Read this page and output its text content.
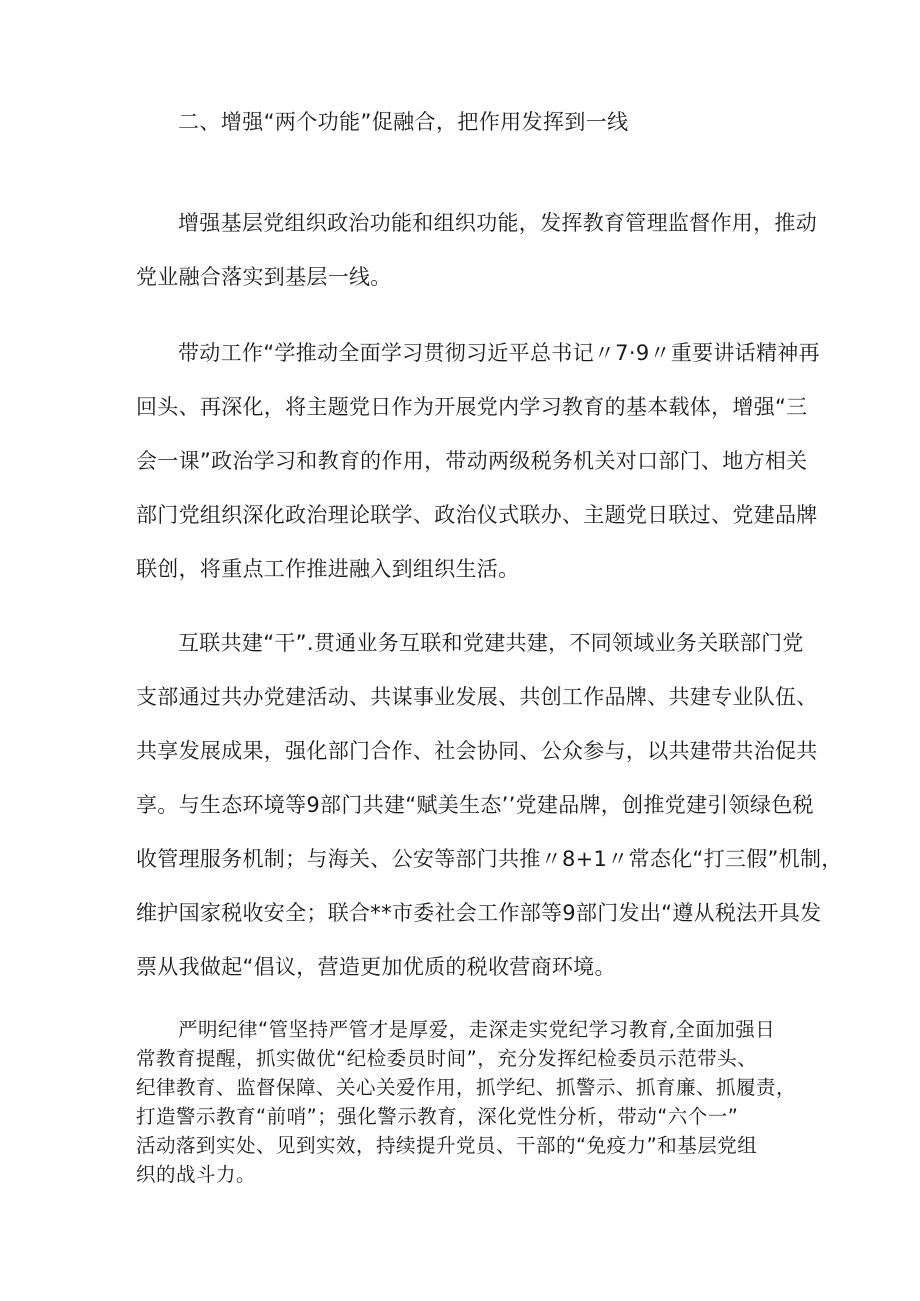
二、增强“两个功能”促融合，把作用发挥到一线

增强基层党组织政治功能和组织功能，发挥教育管理监督作用，推动
党业融合落实到基层一线。

带动工作“学推动全面学习贯彻习近平总书记〃7·9〃重要讲话精神再
回头、再深化，将主题党日作为开展党内学习教育的基本载体，增强“三
会一课”政治学习和教育的作用，带动两级税务机关对口部门、地方相关
部门党组织深化政治理论联学、政治仪式联办、主题党日联过、党建品牌
联创，将重点工作推进融入到组织生活。

互联共建“干”.贯通业务互联和党建共建，不同领域业务关联部门党
支部通过共办党建活动、共谋事业发展、共创工作品牌、共建专业队伍、
共享发展成果，强化部门合作、社会协同、公众参与，以共建带共治促共
享。与生态环境等9部门共建“赋美生态’’党建品牌，创推党建引领绿色税
收管理服务机制；与海关、公安等部门共推〃8+1〃常态化“打三假”机制，
维护国家税收安全；联合**市委社会工作部等9部门发出“遵从税法开具发
票从我做起“倡议，营造更加优质的税收营商环境。

严明纪律“管坚持严管才是厚爱，走深走实党纪学习教育,全面加强日
常教育提醒，抓实做优“纪检委员时间”，充分发挥纪检委员示范带头、
纪律教育、监督保障、关心关爱作用，抓学纪、抓警示、抓育廉、抓履责，
打造警示教育“前哨”；强化警示教育，深化党性分析，带动“六个一”
活动落到实处、见到实效，持续提升党员、干部的“免疫力”和基层党组
织的战斗力。
